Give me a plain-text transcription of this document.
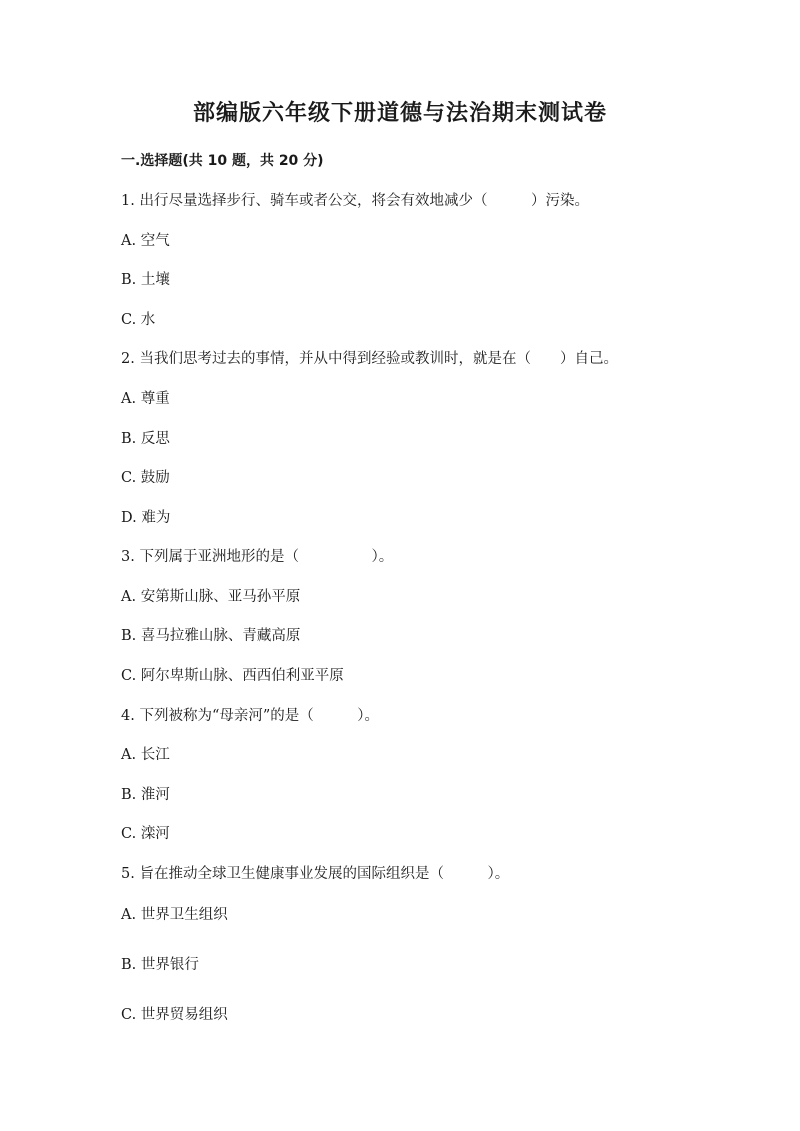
部编版六年级下册道德与法治期末测试卷
一.选择题(共 10 题，共 20 分)
1. 出行尽量选择步行、骑车或者公交，将会有效地减少（　　　）污染。
A. 空气
B. 土壤
C. 水
2. 当我们思考过去的事情，并从中得到经验或教训时，就是在（　　）自己。
A. 尊重
B. 反思
C. 鼓励
D. 难为
3. 下列属于亚洲地形的是（　　　　　）。
A. 安第斯山脉、亚马孙平原
B. 喜马拉雅山脉、青藏高原
C. 阿尔卑斯山脉、西西伯利亚平原
4. 下列被称为“母亲河”的是（　　　）。
A. 长江
B. 淮河
C. 滦河
5. 旨在推动全球卫生健康事业发展的国际组织是（　　　）。
A. 世界卫生组织
B. 世界银行
C. 世界贸易组织
